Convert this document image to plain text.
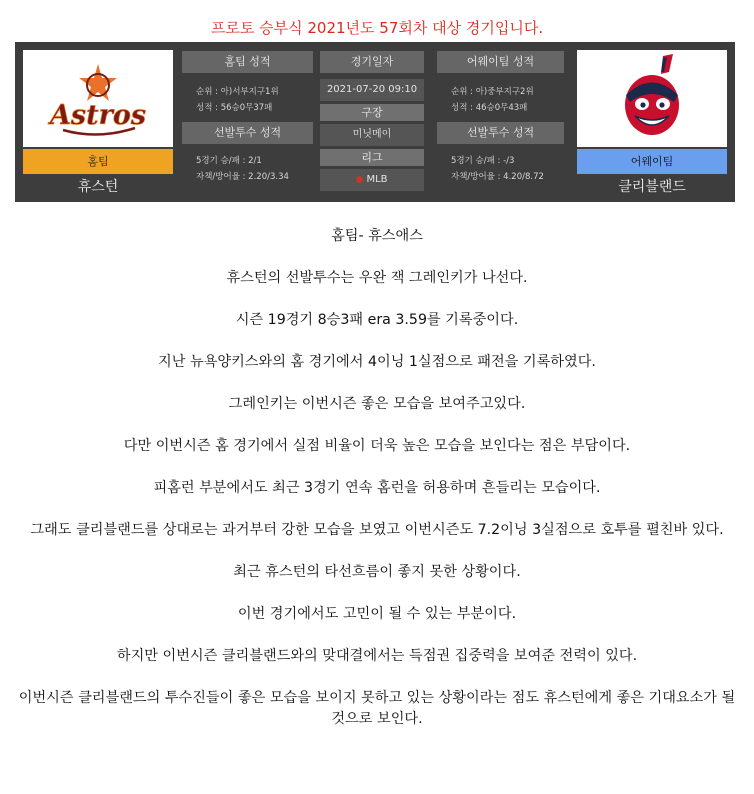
프로토 승부식 2021년도 57회차 대상 경기입니다.
Astros
홈팀
휴스턴
홈팀 성적
순위 : 아)서부지구1위
성적 : 56승0무37패
선발투수 성적
5경기 승/패 : 2/1
자책/방어율 : 2.20/3.34
경기일자
2021-07-20 09:10
구장
미닛메이
리그
MLB
어웨이팀 성적
순위 : 아)중부지구2위
성적 : 46승0무43패
선발투수 성적
5경기 승/패 : -/3
자책/방어율 : 4.20/8.72
어웨이팀
클리블랜드

홈팀- 휴스애스

휴스턴의 선발투수는 우완 잭 그레인키가 나선다.

시즌 19경기 8승3패 era 3.59를 기록중이다.

지난 뉴욕양키스와의 홈 경기에서 4이닝 1실점으로 패전을 기록하였다.

그레인키는 이번시즌 좋은 모습을 보여주고있다.

다만 이번시즌 홈 경기에서 실점 비율이 더욱 높은 모습을 보인다는 점은 부담이다.

피홈런 부분에서도 최근 3경기 연속 홈런을 허용하며 흔들리는 모습이다.

그래도 클리블랜드를 상대로는 과거부터 강한 모습을 보였고 이번시즌도 7.2이닝 3실점으로 호투를 펼친바 있다.

최근 휴스턴의 타선흐름이 좋지 못한 상황이다.

이번 경기에서도 고민이 될 수 있는 부분이다.

하지만 이번시즌 클리블랜드와의 맞대결에서는 득점권 집중력을 보여준 전력이 있다.

이번시즌 클리블랜드의 투수진들이 좋은 모습을 보이지 못하고 있는 상황이라는 점도 휴스턴에게 좋은 기대요소가 될 것으로 보인다.
